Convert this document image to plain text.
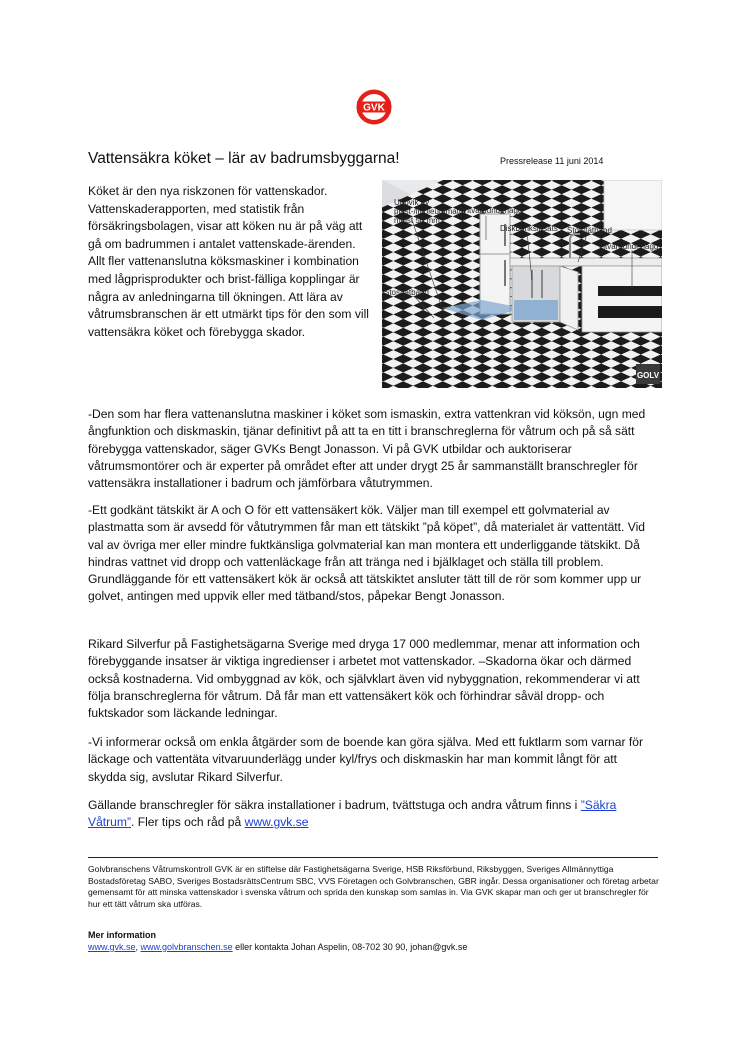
GVK
Vattensäkra köket – lär av badrumsbyggarna!	Pressrelease 11 juni 2014

Köket är den nya riskzonen för vattenskador. Vattenskaderapporten, med statistik från försäkringsbolagen, visar att köken nu är på väg att gå om badrummen i antalet vattenskade-ärenden.

Allt fler vattenanslutna köksmaskiner i kombination med lågprisprodukter och brist-fälliga kopplingar är några av anledningarna till ökningen. Att lära av våtrumsbranschen är ett utmärkt tips för den som vill vattensäkra köket och förebygga skador.

GOLV
Uppvik av
plast-/linoleummatta
minst 50 mm
Vitvaruunderlägg
Diskbänksinsats Stos/tätband
Vitvaruunderlägg
Stos/tätband

-Den som har flera vattenanslutna maskiner i köket som ismaskin, extra vattenkran vid köksön, ugn med ångfunktion och diskmaskin, tjänar definitivt på att ta en titt i branschreglerna för våtrum och på så sätt förebygga vattenskador, säger GVKs Bengt Jonasson. Vi på GVK utbildar och auktoriserar våtrumsmontörer och är experter på området efter att under drygt 25 år sammanställt branschregler för vattensäkra installationer i badrum och jämförbara våtutrymmen.

-Ett godkänt tätskikt är A och O för ett vattensäkert kök. Väljer man till exempel ett golvmaterial av plastmatta som är avsedd för våtutrymmen får man ett tätskikt ”på köpet”, då materialet är vattentätt. Vid val av övriga mer eller mindre fuktkänsliga golvmaterial kan man montera ett underliggande tätskikt. Då hindras vattnet vid dropp och vattenläckage från att tränga ned i bjälklaget och ställa till problem. Grundläggande för ett vattensäkert kök är också att tätskiktet ansluter tätt till de rör som kommer upp ur golvet, antingen med uppvik eller med tätband/stos, påpekar Bengt Jonasson.

Rikard Silverfur på Fastighetsägarna Sverige med dryga 17 000 medlemmar, menar att information och förebyggande insatser är viktiga ingredienser i arbetet mot vattenskador. –Skadorna ökar och därmed också kostnaderna. Vid ombyggnad av kök, och självklart även vid nybyggnation, rekommenderar vi att följa branschreglerna för våtrum. Då får man ett vattensäkert kök och förhindrar såväl dropp- och fuktskador som läckande ledningar.

-Vi informerar också om enkla åtgärder som de boende kan göra själva. Med ett fuktlarm som varnar för läckage och vattentäta vitvaruunderlägg under kyl/frys och diskmaskin har man kommit långt för att skydda sig, avslutar Rikard Silverfur.

Gällande branschregler för säkra installationer i badrum, tvättstuga och andra våtrum finns i ”Säkra Våtrum”. Fler tips och råd på www.gvk.se

Golvbranschens Våtrumskontroll GVK är en stiftelse där Fastighetsägarna Sverige, HSB Riksförbund, Riksbyggen, Sveriges Allmännyttiga Bostadsföretag SABO, Sveriges BostadsrättsCentrum SBC, VVS Företagen och Golvbranschen, GBR ingår. Dessa organisationer och företag arbetar gemensamt för att minska vattenskador i svenska våtrum och sprida den kunskap som samlas in. Via GVK skapar man och ger ut branschregler för hur ett tätt våtrum ska utföras.

Mer information
www.gvk.se, www.golvbranschen.se eller kontakta Johan Aspelin, 08-702 30 90, johan@gvk.se
